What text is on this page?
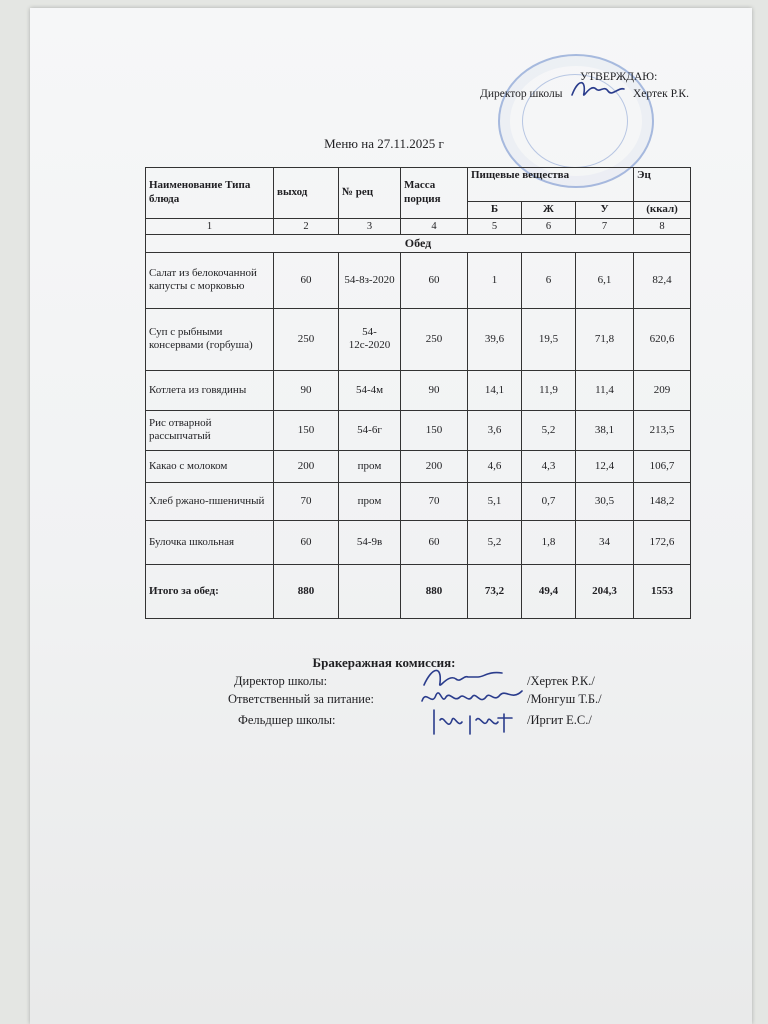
УТВЕРЖДАЮ:
Директор школы	Хертек Р.К.
Меню на 27.11.2025 г
Наименование Типа блюда	выход	№ рец	Масса порция	Пищевые вещества			Эц
				Б	Ж	У	(ккал)
1	2	3	4	5	6	7	8
Обед							
Салат из белокочанной капусты с морковью	60	54-8з-2020	60	1	6	6,1	82,4
Суп с рыбными консервами (горбуша)	250	54-12с-2020	250	39,6	19,5	71,8	620,6
Котлета из говядины	90	54-4м	90	14,1	11,9	11,4	209
Рис отварной рассыпчатый	150	54-6г	150	3,6	5,2	38,1	213,5
Какао с молоком	200	пром	200	4,6	4,3	12,4	106,7
Хлеб ржано-пшеничный	70	пром	70	5,1	0,7	30,5	148,2
Булочка школьная	60	54-9в	60	5,2	1,8	34	172,6
Итого за обед:	880		880	73,2	49,4	204,3	1553
Бракеражная комиссия:
Директор школы:	/Хертек Р.К./
Ответственный за питание:	/Монгуш Т.Б./
Фельдшер школы:	/Иргит Е.С./
